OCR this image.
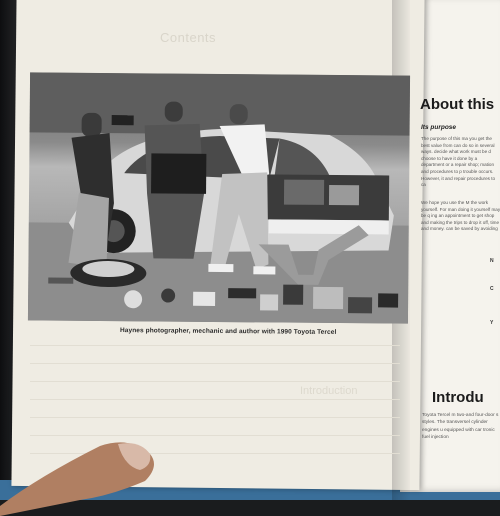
Contents
Introduction
Haynes photographer, mechanic and author with 1990 Toyota Tercel
About this
Its purpose
The purpose of this ma you get the best value from can do so in several ways. decide what work must be d choose to have it done by a department or a repair shop; mation and procedures to p trouble occurs. However, it and repair procedures to ca
We hope you use the M the work yourself. For man doing it yourself may be q ing an appointment to get shop and making the trips to drop it off, time and money. can be saved by avoiding
N
C
Y
Introdu
Toyota Tercel m two-and four-door s styles. The transversel cylinder engines u equipped with car tronic fuel injection
